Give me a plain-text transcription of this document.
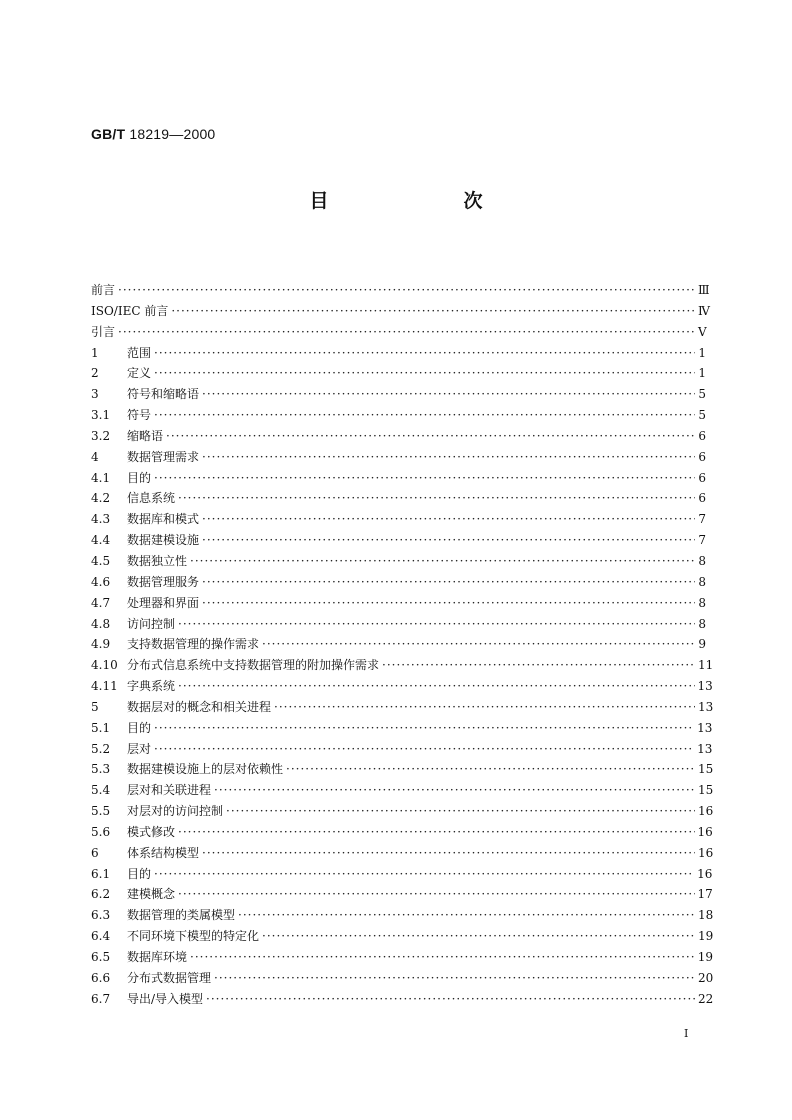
GB/T 18219—2000
目　次
前言 ·····	Ⅲ
ISO/IEC 前言 ·····	Ⅳ
引言 ·····	Ⅴ
1	范围 ·····	1
2	定义 ·····	1
3	符号和缩略语 ·····	5
3.1	符号 ·····	5
3.2	缩略语 ·····	6
4	数据管理需求 ·····	6
4.1	目的 ·····	6
4.2	信息系统 ·····	6
4.3	数据库和模式 ·····	7
4.4	数据建模设施 ·····	7
4.5	数据独立性 ·····	8
4.6	数据管理服务 ·····	8
4.7	处理器和界面 ·····	8
4.8	访问控制 ·····	8
4.9	支持数据管理的操作需求 ·····	9
4.10 分布式信息系统中支持数据管理的附加操作需求 ·····	11
4.11 字典系统 ·····	13
5	数据层对的概念和相关进程 ·····	13
5.1	目的 ·····	13
5.2	层对 ·····	13
5.3	数据建模设施上的层对依赖性 ·····	15
5.4	层对和关联进程 ·····	15
5.5	对层对的访问控制 ·····	16
5.6	模式修改 ·····	16
6	体系结构模型 ·····	16
6.1	目的 ·····	16
6.2	建模概念 ·····	17
6.3	数据管理的类属模型 ·····	18
6.4	不同环境下模型的特定化 ·····	19
6.5	数据库环境 ·····	19
6.6	分布式数据管理 ·····	20
6.7	导出/导入模型 ·····	22
I
